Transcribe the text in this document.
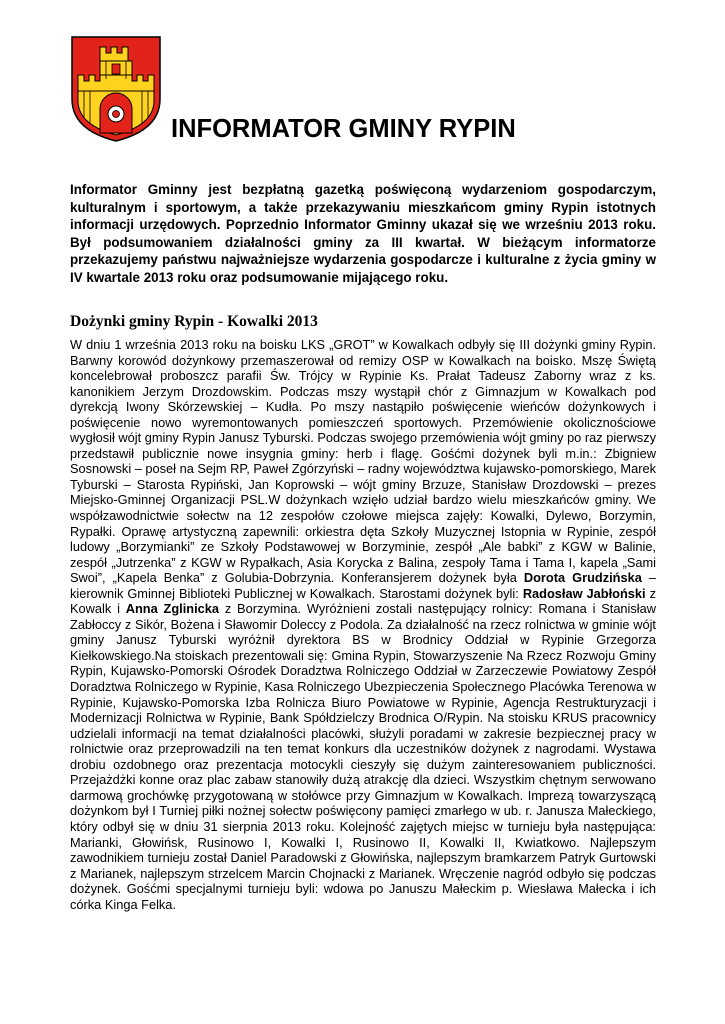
INFORMATOR GMINY RYPIN

Informator Gminny jest bezpłatną gazetką poświęconą wydarzeniom gospodarczym, kulturalnym i sportowym, a także przekazywaniu mieszkańcom gminy Rypin istotnych informacji urzędowych. Poprzednio Informator Gminny ukazał się we wrześniu 2013 roku. Był podsumowaniem działalności gminy za III kwartał. W bieżącym informatorze przekazujemy państwu najważniejsze wydarzenia gospodarcze i kulturalne z życia gminy w IV kwartale 2013 roku oraz podsumowanie mijającego roku.

Dożynki gminy Rypin - Kowalki 2013

W dniu 1 września 2013 roku na boisku LKS „GROT” w Kowalkach odbyły się III dożynki gminy Rypin. Barwny korowód dożynkowy przemaszerował od remizy OSP w Kowalkach na boisko. Mszę Świętą koncelebrował proboszcz parafii Św. Trójcy w Rypinie Ks. Prałat Tadeusz Zaborny wraz z ks. kanonikiem Jerzym Drozdowskim. Podczas mszy wystąpił chór z Gimnazjum w Kowalkach pod dyrekcją Iwony Skórzewskiej – Kudła. Po mszy nastąpiło poświęcenie wieńców dożynkowych i poświęcenie nowo wyremontowanych pomieszczeń sportowych. Przemówienie okolicznościowe wygłosił wójt gminy Rypin Janusz Tyburski. Podczas swojego przemówienia wójt gminy po raz pierwszy przedstawił publicznie nowe insygnia gminy: herb i flagę. Gośćmi dożynek byli m.in.: Zbigniew Sosnowski – poseł na Sejm RP, Paweł Zgórzyński – radny województwa kujawsko-pomorskiego, Marek Tyburski – Starosta Rypiński, Jan Koprowski – wójt gminy Brzuze, Stanisław Drozdowski – prezes Miejsko-Gminnej Organizacji PSL.W dożynkach wzięło udział bardzo wielu mieszkańców gminy. We współzawodnictwie sołectw na 12 zespołów czołowe miejsca zajęły: Kowalki, Dylewo, Borzymin, Rypałki. Oprawę artystyczną zapewnili: orkiestra dęta Szkoły Muzycznej Istopnia w Rypinie, zespół ludowy „Borzymianki” ze Szkoły Podstawowej w Borzyminie, zespół „Ale babki” z KGW w Balinie, zespół „Jutrzenka” z KGW w Rypałkach, Asia Korycka z Balina, zespoły Tama i Tama I, kapela „Sami Swoi”, „Kapela Benka” z Golubia-Dobrzynia. Konferansjerem dożynek była Dorota Grudzińska – kierownik Gminnej Biblioteki Publicznej w Kowalkach. Starostami dożynek byli: Radosław Jabłoński z Kowalk i Anna Zglinicka z Borzymina. Wyróżnieni zostali następujący rolnicy: Romana i Stanisław Zabłoccy z Sikór, Bożena i Sławomir Doleccy z Podola. Za działalność na rzecz rolnictwa w gminie wójt gminy Janusz Tyburski wyróżnił dyrektora BS w Brodnicy Oddział w Rypinie Grzegorza Kiełkowskiego.Na stoiskach prezentowali się: Gmina Rypin, Stowarzyszenie Na Rzecz Rozwoju Gminy Rypin, Kujawsko-Pomorski Ośrodek Doradztwa Rolniczego Oddział w Zarzeczewie Powiatowy Zespół Doradztwa Rolniczego w Rypinie, Kasa Rolniczego Ubezpieczenia Społecznego Placówka Terenowa w Rypinie, Kujawsko-Pomorska Izba Rolnicza Biuro Powiatowe w Rypinie, Agencja Restrukturyzacji i Modernizacji Rolnictwa w Rypinie, Bank Spółdzielczy Brodnica O/Rypin. Na stoisku KRUS pracownicy udzielali informacji na temat działalności placówki, służyli poradami w zakresie bezpiecznej pracy w rolnictwie oraz przeprowadzili na ten temat konkurs dla uczestników dożynek z nagrodami. Wystawa drobiu ozdobnego oraz prezentacja motocykli cieszyły się dużym zainteresowaniem publiczności. Przejażdżki konne oraz plac zabaw stanowiły dużą atrakcję dla dzieci. Wszystkim chętnym serwowano darmową grochówkę przygotowaną w stołówce przy Gimnazjum w Kowalkach. Imprezą towarzyszącą dożynkom był I Turniej piłki nożnej sołectw poświęcony pamięci zmarłego w ub. r. Janusza Małeckiego, który odbył się w dniu 31 sierpnia 2013 roku. Kolejność zajętych miejsc w turnieju była następująca: Marianki, Głowińsk, Rusinowo I, Kowalki I, Rusinowo II, Kowalki II, Kwiatkowo. Najlepszym zawodnikiem turnieju został Daniel Paradowski z Głowińska, najlepszym bramkarzem Patryk Gurtowski z Marianek, najlepszym strzelcem Marcin Chojnacki z Marianek. Wręczenie nagród odbyło się podczas dożynek. Gośćmi specjalnymi turnieju byli: wdowa po Januszu Małeckim p. Wiesława Małecka i ich córka Kinga Felka.
